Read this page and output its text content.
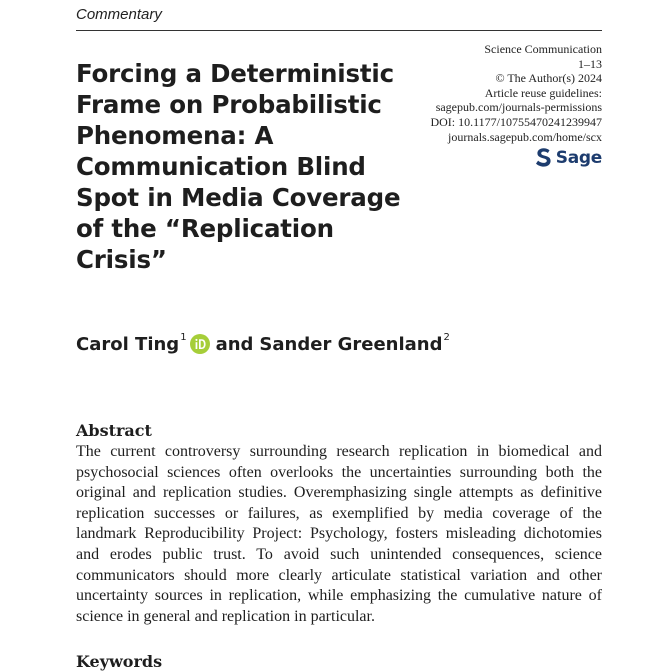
Commentary
Forcing a Deterministic Frame on Probabilistic Phenomena: A Communication Blind Spot in Media Coverage of the “Replication Crisis”
Science Communication
1–13
© The Author(s) 2024
Article reuse guidelines:
sagepub.com/journals-permissions
DOI: 10.1177/10755470241239947
journals.sagepub.com/home/scx
Sage
Carol Ting$^1$ and Sander Greenland$^2$
Abstract

The current controversy surrounding research replication in biomedical and psychosocial sciences often overlooks the uncertainties surrounding both the original and replication studies. Overemphasizing single attempts as definitive replication successes or failures, as exemplified by media coverage of the landmark Reproducibility Project: Psychology, fosters misleading dichotomies and erodes public trust. To avoid such unintended consequences, science communicators should more clearly articulate statistical variation and other uncertainty sources in replication, while emphasizing the cumulative nature of science in general and replication in particular.

Keywords
